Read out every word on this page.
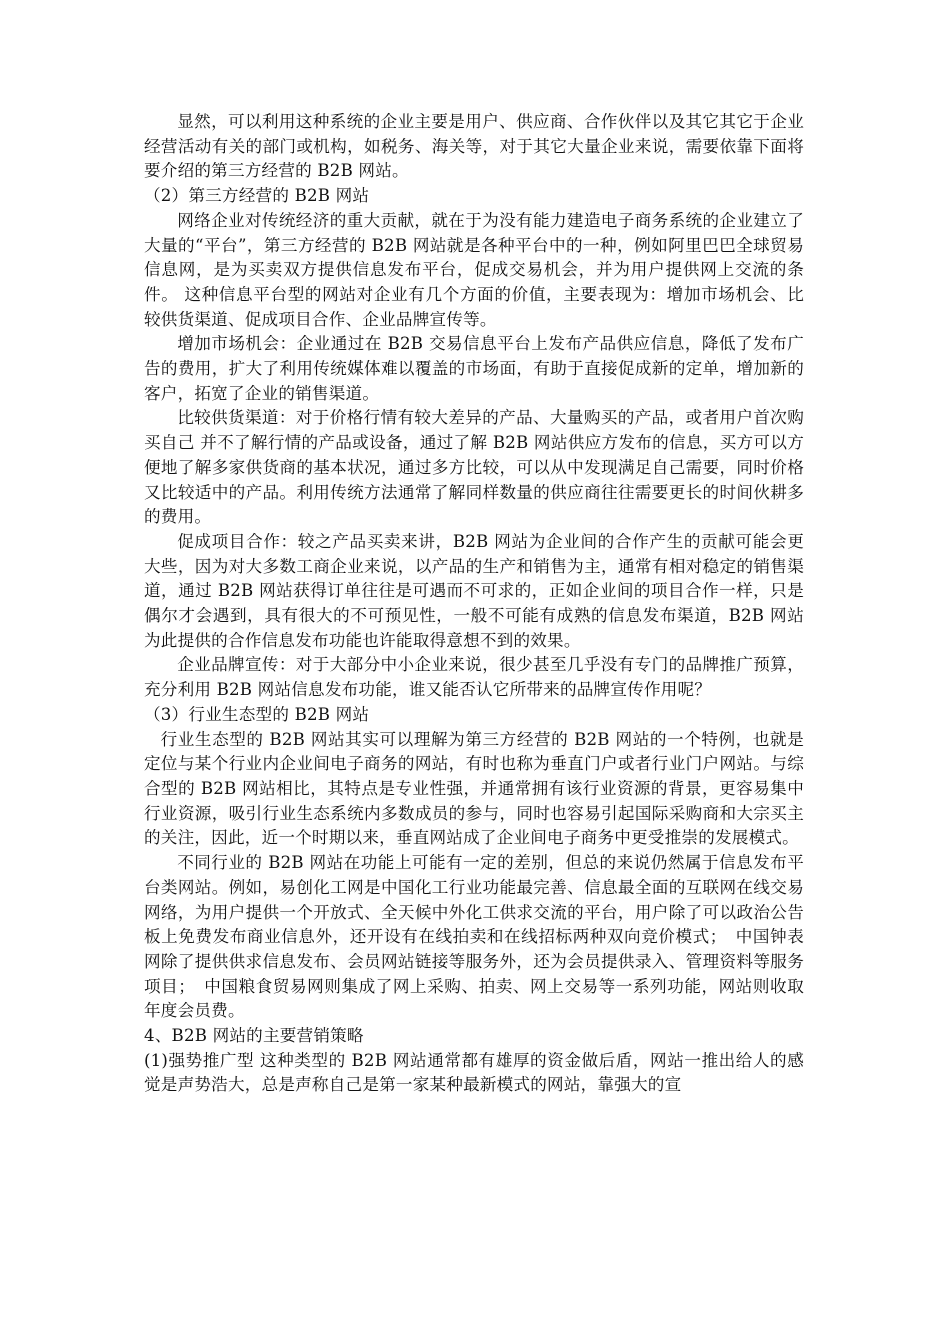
显然，可以利用这种系统的企业主要是用户、供应商、合作伙伴以及其它其它于企业经营活动有关的部门或机构，如税务、海关等，对于其它大量企业来说，需要依靠下面将要介绍的第三方经营的 B2B 网站。

（2）第三方经营的 B2B 网站

网络企业对传统经济的重大贡献，就在于为没有能力建造电子商务系统的企业建立了大量的“平台”，第三方经营的 B2B 网站就是各种平台中的一种，例如阿里巴巴全球贸易信息网，是为买卖双方提供信息发布平台，促成交易机会，并为用户提供网上交流的条件。 这种信息平台型的网站对企业有几个方面的价值，主要表现为：增加市场机会、比较供货渠道、促成项目合作、企业品牌宣传等。

增加市场机会：企业通过在 B2B 交易信息平台上发布产品供应信息，降低了发布广告的费用，扩大了利用传统媒体难以覆盖的市场面，有助于直接促成新的定单，增加新的客户，拓宽了企业的销售渠道。

比较供货渠道：对于价格行情有较大差异的产品、大量购买的产品，或者用户首次购买自己 并不了解行情的产品或设备，通过了解 B2B 网站供应方发布的信息，买方可以方便地了解多家供货商的基本状况，通过多方比较，可以从中发现满足自己需要，同时价格又比较适中的产品。利用传统方法通常了解同样数量的供应商往往需要更长的时间伙耕多的费用。

促成项目合作：较之产品买卖来讲，B2B 网站为企业间的合作产生的贡献可能会更大些，因为对大多数工商企业来说，以产品的生产和销售为主，通常有相对稳定的销售渠道，通过 B2B 网站获得订单往往是可遇而不可求的，正如企业间的项目合作一样，只是偶尔才会遇到，具有很大的不可预见性，一般不可能有成熟的信息发布渠道，B2B 网站为此提供的合作信息发布功能也许能取得意想不到的效果。

企业品牌宣传：对于大部分中小企业来说，很少甚至几乎没有专门的品牌推广预算，充分利用 B2B 网站信息发布功能，谁又能否认它所带来的品牌宣传作用呢？

（3）行业生态型的 B2B 网站

行业生态型的 B2B 网站其实可以理解为第三方经营的 B2B 网站的一个特例，也就是定位与某个行业内企业间电子商务的网站，有时也称为垂直门户或者行业门户网站。与综合型的 B2B 网站相比，其特点是专业性强，并通常拥有该行业资源的背景，更容易集中行业资源，吸引行业生态系统内多数成员的参与，同时也容易引起国际采购商和大宗买主的关注，因此，近一个时期以来，垂直网站成了企业间电子商务中更受推崇的发展模式。

不同行业的 B2B 网站在功能上可能有一定的差别，但总的来说仍然属于信息发布平台类网站。例如，易创化工网是中国化工行业功能最完善、信息最全面的互联网在线交易网络，为用户提供一个开放式、全天候中外化工供求交流的平台，用户除了可以政治公告板上免费发布商业信息外，还开设有在线拍卖和在线招标两种双向竞价模式；　中国钟表网除了提供供求信息发布、会员网站链接等服务外，还为会员提供录入、管理资料等服务项目；　中国粮食贸易网则集成了网上采购、拍卖、网上交易等一系列功能，网站则收取年度会员费。

4、B2B 网站的主要营销策略

(1)强势推广型 这种类型的 B2B 网站通常都有雄厚的资金做后盾，网站一推出给人的感觉是声势浩大，总是声称自己是第一家某种最新模式的网站，靠强大的宣
